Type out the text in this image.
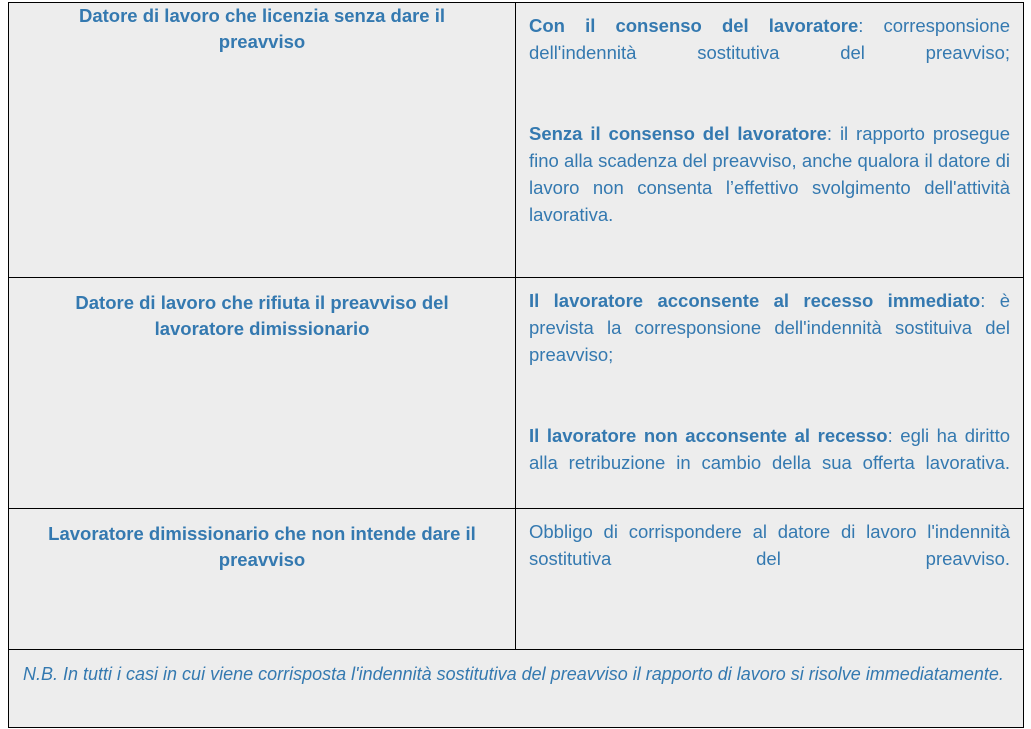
Datore di lavoro che licenzia senza dare il preavviso	Con il consenso del lavoratore: corresponsione dell'indennità sostitutiva del preavviso;

Senza il consenso del lavoratore: il rapporto prosegue fino alla scadenza del preavviso, anche qualora il datore di lavoro non consenta l’effettivo svolgimento dell'attività lavorativa.

Datore di lavoro che rifiuta il preavviso del lavoratore dimissionario	Il lavoratore acconsente al recesso immediato: è prevista la corresponsione dell'indennità sostituiva del preavviso;

Il lavoratore non acconsente al recesso: egli ha diritto alla retribuzione in cambio della sua offerta lavorativa.

Lavoratore dimissionario che non intende dare il preavviso	Obbligo di corrispondere al datore di lavoro l'indennità sostitutiva del preavviso.

N.B. In tutti i casi in cui viene corrisposta l'indennità sostitutiva del preavviso il rapporto di lavoro si risolve immediatamente.	
